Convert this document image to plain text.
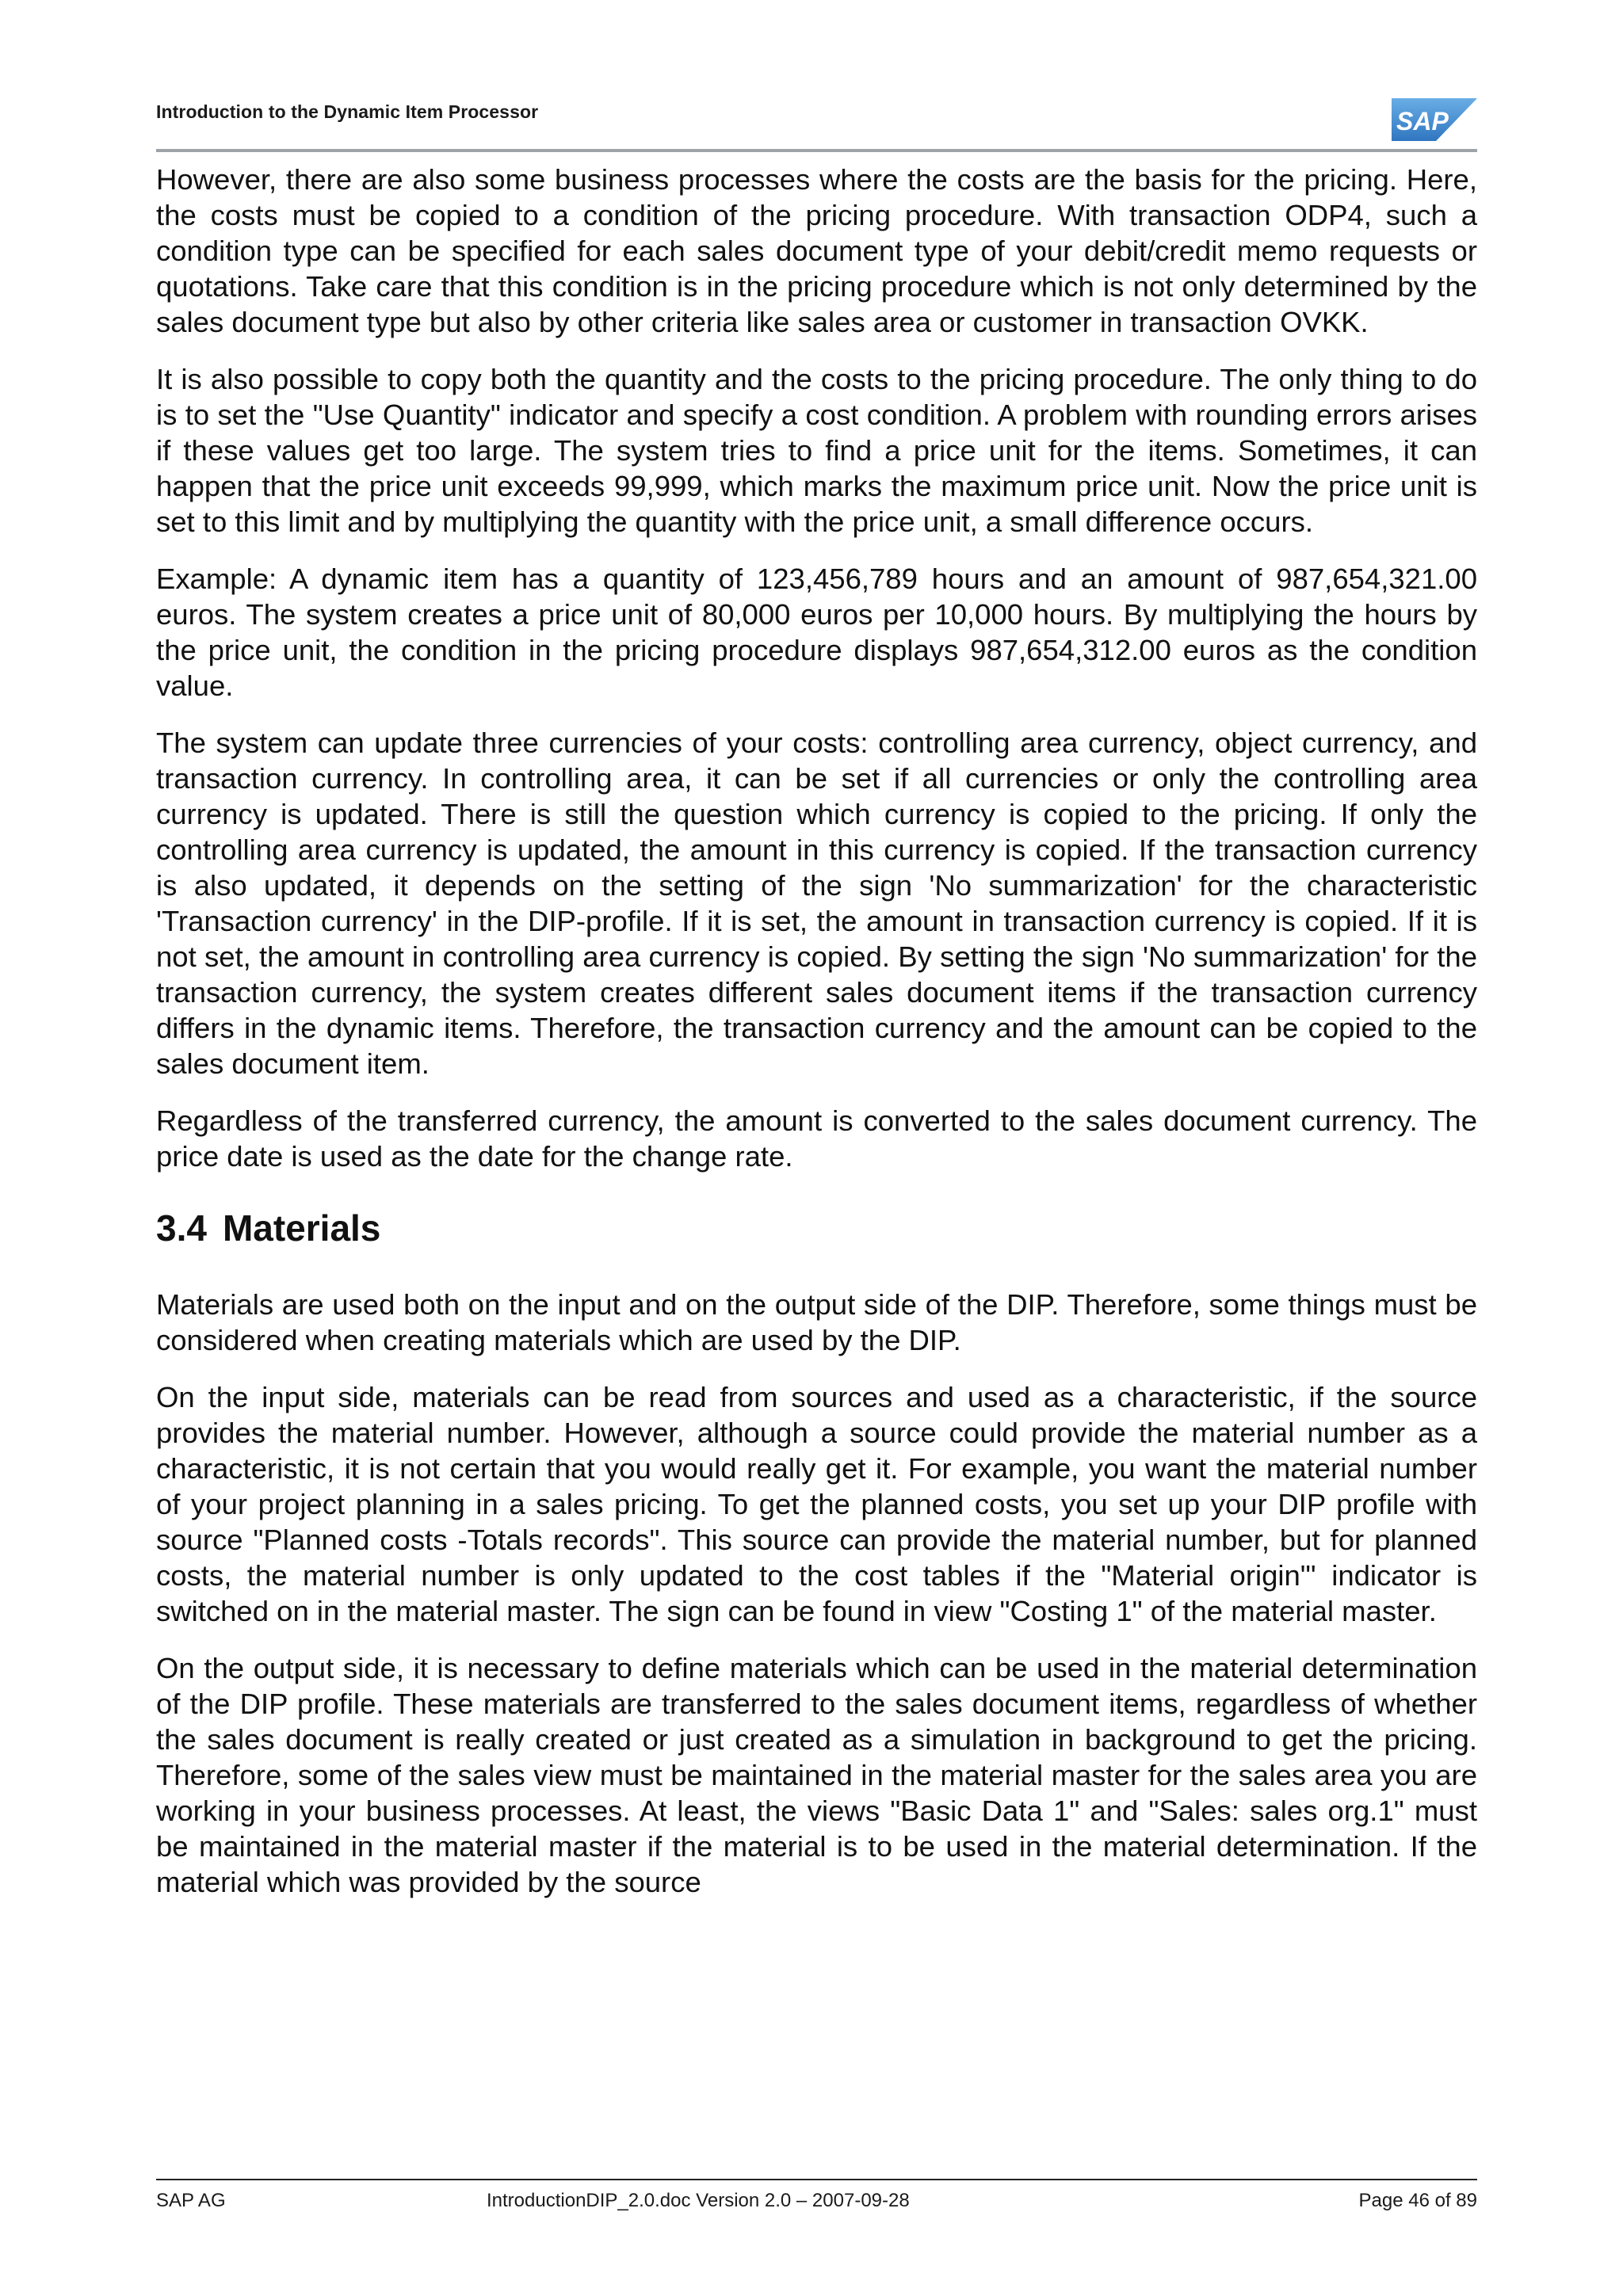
Introduction to the Dynamic Item Processor	SAP

However, there are also some business processes where the costs are the basis for the pricing. Here, the costs must be copied to a condition of the pricing procedure. With transaction ODP4, such a condition type can be specified for each sales document type of your debit/credit memo requests or quotations. Take care that this condition is in the pricing procedure which is not only determined by the sales document type but also by other criteria like sales area or customer in transaction OVKK.

It is also possible to copy both the quantity and the costs to the pricing procedure. The only thing to do is to set the "Use Quantity" indicator and specify a cost condition. A problem with rounding errors arises if these values get too large. The system tries to find a price unit for the items. Sometimes, it can happen that the price unit exceeds 99,999, which marks the maximum price unit. Now the price unit is set to this limit and by multiplying the quantity with the price unit, a small difference occurs.

Example: A dynamic item has a quantity of 123,456,789 hours and an amount of 987,654,321.00 euros. The system creates a price unit of 80,000 euros per 10,000 hours. By multiplying the hours by the price unit, the condition in the pricing procedure displays 987,654,312.00 euros as the condition value.

The system can update three currencies of your costs: controlling area currency, object currency, and transaction currency. In controlling area, it can be set if all currencies or only the controlling area currency is updated. There is still the question which currency is copied to the pricing. If only the controlling area currency is updated, the amount in this currency is copied. If the transaction currency is also updated, it depends on the setting of the sign 'No summarization' for the characteristic 'Transaction currency' in the DIP-profile. If it is set, the amount in transaction currency is copied. If it is not set, the amount in controlling area currency is copied. By setting the sign 'No summarization' for the transaction currency, the system creates different sales document items if the transaction currency differs in the dynamic items. Therefore, the transaction currency and the amount can be copied to the sales document item.

Regardless of the transferred currency, the amount is converted to the sales document currency. The price date is used as the date for the change rate.

3.4 Materials

Materials are used both on the input and on the output side of the DIP. Therefore, some things must be considered when creating materials which are used by the DIP.

On the input side, materials can be read from sources and used as a characteristic, if the source provides the material number. However, although a source could provide the material number as a characteristic, it is not certain that you would really get it. For example, you want the material number of your project planning in a sales pricing. To get the planned costs, you set up your DIP profile with source "Planned costs -Totals records". This source can provide the material number, but for planned costs, the material number is only updated to the cost tables if the "Material origin"' indicator is switched on in the material master. The sign can be found in view "Costing 1" of the material master.

On the output side, it is necessary to define materials which can be used in the material determination of the DIP profile. These materials are transferred to the sales document items, regardless of whether the sales document is really created or just created as a simulation in background to get the pricing. Therefore, some of the sales view must be maintained in the material master for the sales area you are working in your business processes. At least, the views "Basic Data 1" and "Sales: sales org.1" must be maintained in the material master if the material is to be used in the material determination. If the material which was provided by the source

SAP AG	IntroductionDIP_2.0.doc Version 2.0 – 2007-09-28	Page 46 of 89
